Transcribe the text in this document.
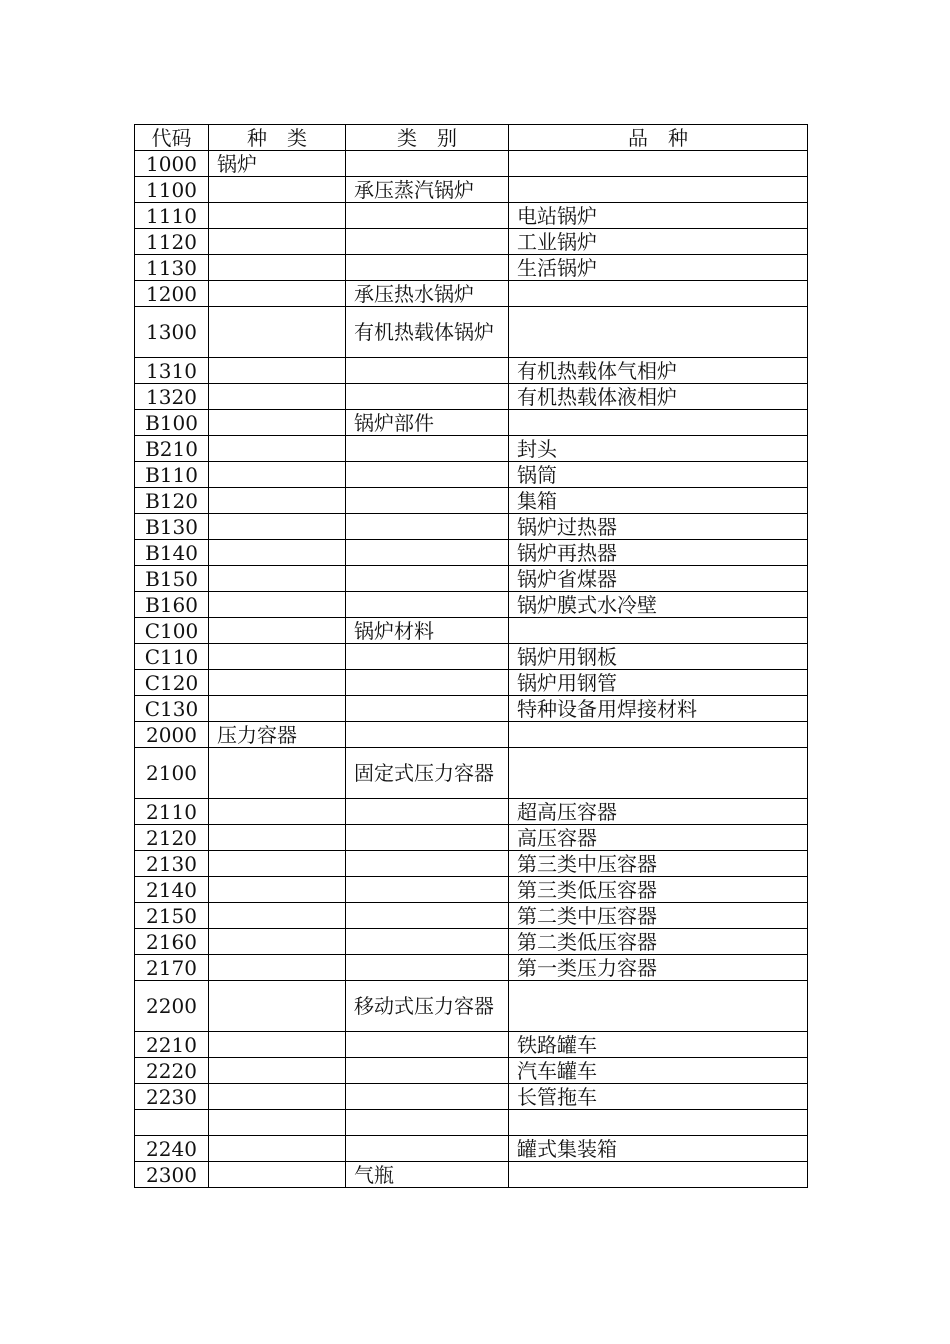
代码	种　类	类　别	品　种
1000	锅炉		
1100		承压蒸汽锅炉	
1110			电站锅炉
1120			工业锅炉
1130			生活锅炉
1200		承压热水锅炉	
1300		有机热载体锅炉	
1310			有机热载体气相炉
1320			有机热载体液相炉
B100		锅炉部件	
B210			封头
B110			锅筒
B120			集箱
B130			锅炉过热器
B140			锅炉再热器
B150			锅炉省煤器
B160			锅炉膜式水冷壁
C100		锅炉材料	
C110			锅炉用钢板
C120			锅炉用钢管
C130			特种设备用焊接材料
2000	压力容器		
2100		固定式压力容器	
2110			超高压容器
2120			高压容器
2130			第三类中压容器
2140			第三类低压容器
2150			第二类中压容器
2160			第二类低压容器
2170			第一类压力容器
2200		移动式压力容器	
2210			铁路罐车
2220			汽车罐车
2230			长管拖车

2240			罐式集装箱
2300		气瓶	
